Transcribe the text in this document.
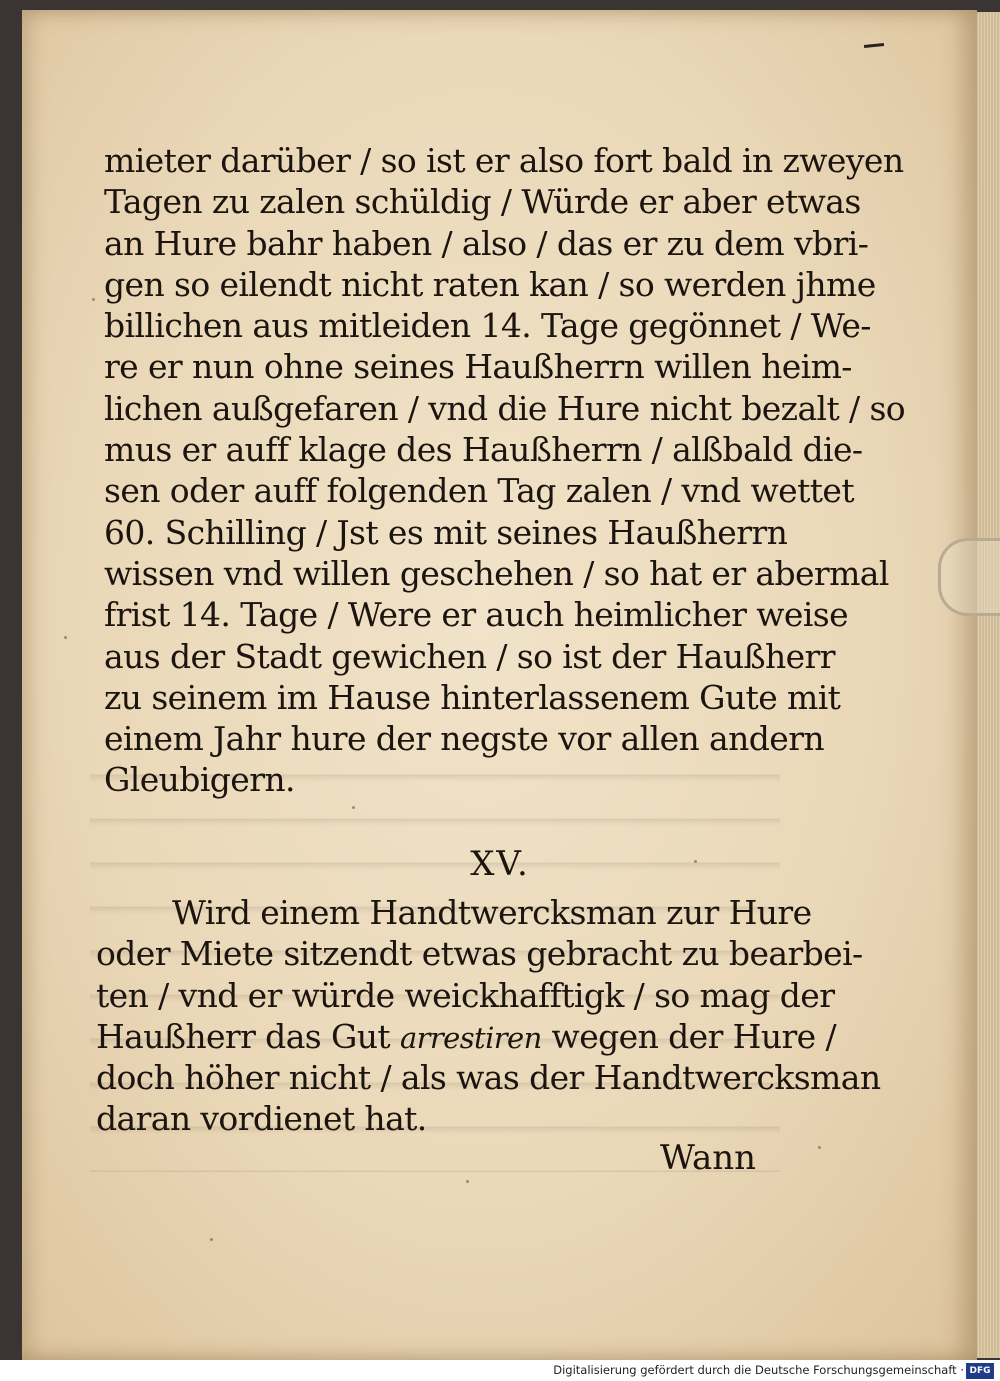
mieter darüber / so ist er also fort bald in zweyen
Tagen zu zalen schüldig / Würde er aber etwas
an Hure bahr haben / also / das er zu dem vbri-
gen so eilendt nicht raten kan / so werden jhme
billichen aus mitleiden 14. Tage gegönnet / We-
re er nun ohne seines Haußherrn willen heim-
lichen außgefaren / vnd die Hure nicht bezalt / so
mus er auff klage des Haußherrn / alßbald die-
sen oder auff folgenden Tag zalen / vnd wettet
60. Schilling / Jst es mit seines Haußherrn
wissen vnd willen geschehen / so hat er abermal
frist 14. Tage / Were er auch heimlicher weise
aus der Stadt gewichen / so ist der Haußherr
zu seinem im Hause hinterlassenem Gute mit
einem Jahr hure der negste vor allen andern
Gleubigern.
XV.
Wird einem Handtwercksman zur Hure
oder Miete sitzendt etwas gebracht zu bearbei-
ten / vnd er würde weickhafftigk / so mag der
Haußherr das Gut arrestiren wegen der Hure /
doch höher nicht / als was der Handtwercksman
daran vordienet hat.
Wann
Digitalisierung gefördert durch die Deutsche Forschungsgemeinschaft · DFG
